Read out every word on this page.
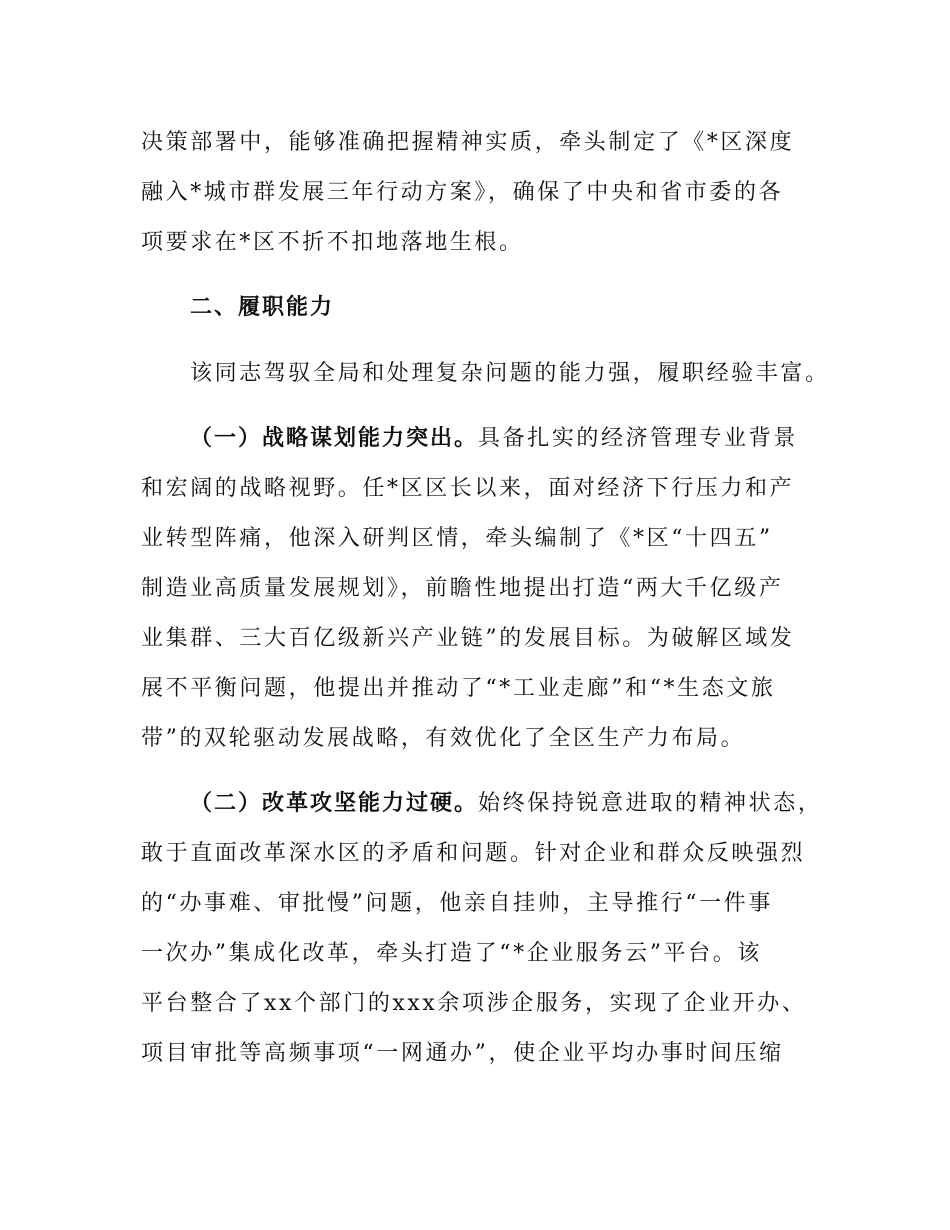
决策部署中，能够准确把握精神实质，牵头制定了《*区深度
融入*城市群发展三年行动方案》，确保了中央和省市委的各
项要求在*区不折不扣地落地生根。
二、履职能力
该同志驾驭全局和处理复杂问题的能力强，履职经验丰富。
（一）战略谋划能力突出。具备扎实的经济管理专业背景
和宏阔的战略视野。任*区区长以来，面对经济下行压力和产
业转型阵痛，他深入研判区情，牵头编制了《*区“十四五”
制造业高质量发展规划》，前瞻性地提出打造“两大千亿级产
业集群、三大百亿级新兴产业链”的发展目标。为破解区域发
展不平衡问题，他提出并推动了“*工业走廊”和“*生态文旅
带”的双轮驱动发展战略，有效优化了全区生产力布局。
（二）改革攻坚能力过硬。始终保持锐意进取的精神状态，
敢于直面改革深水区的矛盾和问题。针对企业和群众反映强烈
的“办事难、审批慢”问题，他亲自挂帅，主导推行“一件事
一次办”集成化改革，牵头打造了“*企业服务云”平台。该
平台整合了xx个部门的xxx余项涉企服务，实现了企业开办、
项目审批等高频事项“一网通办”，使企业平均办事时间压缩
